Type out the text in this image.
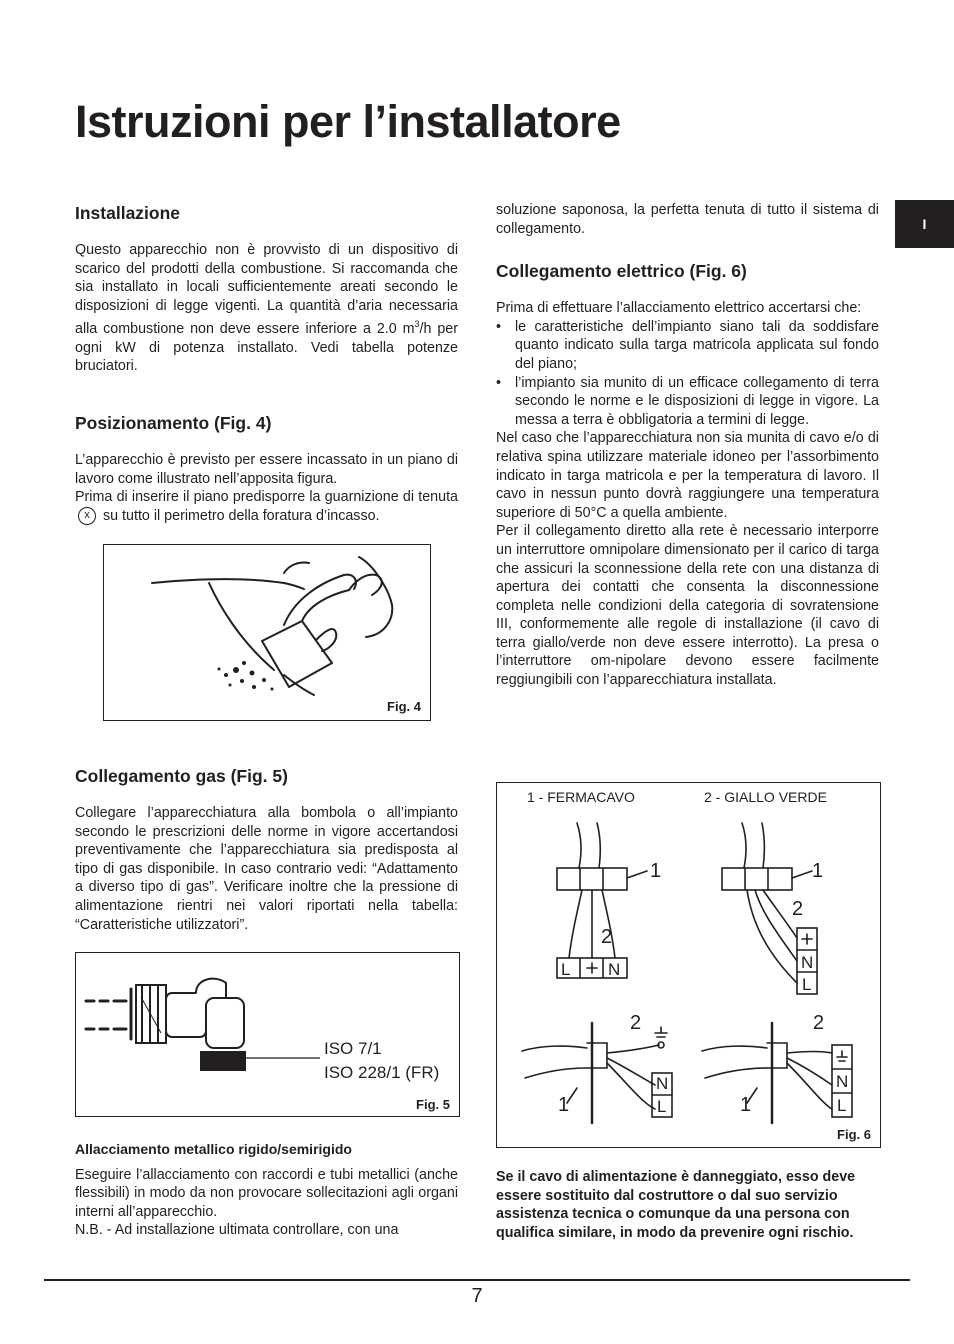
Istruzioni per l’installatore
I
Installazione

Questo apparecchio non è provvisto di un dispositivo di scarico del prodotti della combustione. Si raccomanda che sia installato in locali sufficientemente areati secondo le disposizioni di legge vigenti. La quantità d’aria necessaria alla combustione non deve essere inferiore a 2.0 $m^3/h$ per ogni kW di potenza installato. Vedi tabella potenze bruciatori.

Posizionamento (Fig. 4)

L’apparecchio è previsto per essere incassato in un piano di lavoro come illustrato nell’apposita figura.

Prima di inserire il piano predisporre la guarnizione di tenuta x su tutto il perimetro della foratura d’incasso.

Fig. 4
Collegamento gas (Fig. 5)

Collegare l’apparecchiatura alla bombola o all’impianto secondo le prescrizioni delle norme in vigore accertandosi preventivamente che l’apparecchiatura sia predisposta al tipo di gas disponibile. In caso contrario vedi: “Adattamento a diverso tipo di gas”. Verificare inoltre che la pressione di alimentazione rientri nei valori riportati nella tabella: “Caratteristiche utilizzatori”.

ISO 7/1
ISO 228/1 (FR)
Fig. 5
Allacciamento metallico rigido/semirigido

Eseguire l’allacciamento con raccordi e tubi metallici (anche flessibili) in modo da non provocare sollecitazioni agli organi interni all’apparecchio.

N.B. - Ad installazione ultimata controllare, con una

soluzione saponosa, la perfetta tenuta di tutto il sistema di collegamento.

Collegamento elettrico (Fig. 6)

Prima di effettuare l’allacciamento elettrico accertarsi che:

• le caratteristiche dell’impianto siano tali da soddisfare quanto indicato sulla targa matricola applicata sul fondo del piano;
• l’impianto sia munito di un efficace collegamento di terra secondo le norme e le disposizioni di legge in vigore. La messa a terra è obbligatoria a termini di legge.

Nel caso che l’apparecchiatura non sia munita di cavo e/o di relativa spina utilizzare materiale idoneo per l’assorbimento indicato in targa matricola e per la temperatura di lavoro. Il cavo in nessun punto dovrà raggiungere una temperatura superiore di 50°C a quella ambiente.

Per il collegamento diretto alla rete è necessario interporre un interruttore omnipolare dimensionato per il carico di targa che assicuri la sconnessione della rete con una distanza di apertura dei contatti che consenta la disconnessione completa nelle condizioni della categoria di sovratensione III, conformemente alle regole di installazione (il cavo di terra giallo/verde non deve essere interrotto). La presa o l’interruttore om-nipolare devono essere facilmente reggiungibili con l’apparecchiatura installata.

1 - FERMACAVO	2 - GIALLO VERDE
1
2
L N
1
2
N
L
2
1
N
L
2
1
N
L
Fig. 6

Se il cavo di alimentazione è danneggiato, esso deve essere sostituito dal costruttore o dal suo servizio assistenza tecnica o comunque da una persona con qualifica similare, in modo da prevenire ogni rischio.

7
